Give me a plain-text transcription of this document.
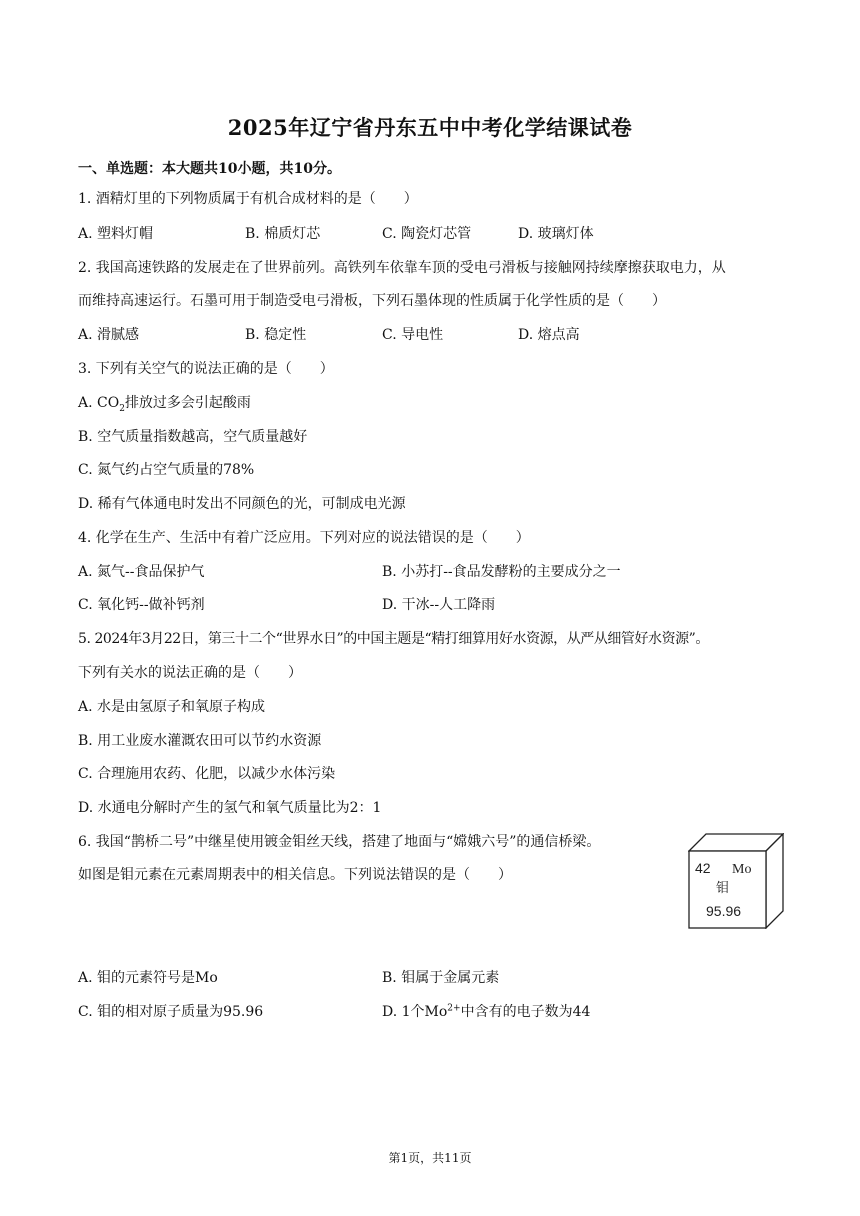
2025年辽宁省丹东五中中考化学结课试卷
一、单选题：本大题共10小题，共10分。
1. 酒精灯里的下列物质属于有机合成材料的是（　　）
A. 塑料灯帽	B. 棉质灯芯	C. 陶瓷灯芯管	D. 玻璃灯体
2. 我国高速铁路的发展走在了世界前列。高铁列车依靠车顶的受电弓滑板与接触网持续摩擦获取电力，从
而维持高速运行。石墨可用于制造受电弓滑板，下列石墨体现的性质属于化学性质的是（　　）
A. 滑腻感	B. 稳定性	C. 导电性	D. 熔点高
3. 下列有关空气的说法正确的是（　　）
A. $CO_2$排放过多会引起酸雨
B. 空气质量指数越高，空气质量越好
C. 氮气约占空气质量的78%
D. 稀有气体通电时发出不同颜色的光，可制成电光源
4. 化学在生产、生活中有着广泛应用。下列对应的说法错误的是（　　）
A. 氮气--食品保护气	B. 小苏打--食品发酵粉的主要成分之一
C. 氧化钙--做补钙剂	D. 干冰--人工降雨
5. 2024年3月22日，第三十二个“世界水日”的中国主题是“精打细算用好水资源，从严从细管好水资源”。
下列有关水的说法正确的是（　　）
A. 水是由氢原子和氧原子构成
B. 用工业废水灌溉农田可以节约水资源
C. 合理施用农药、化肥，以减少水体污染
D. 水通电分解时产生的氢气和氧气质量比为2：1
6. 我国“鹊桥二号”中继星使用镀金钼丝天线，搭建了地面与“嫦娥六号”的通信桥梁。
如图是钼元素在元素周期表中的相关信息。下列说法错误的是（　　）	42 Mo
钼
95.96
A. 钼的元素符号是Mo	B. 钼属于金属元素
C. 钼的相对原子质量为95.96	D. 1个$Mo^{2+}$中含有的电子数为44
第1页，共11页
